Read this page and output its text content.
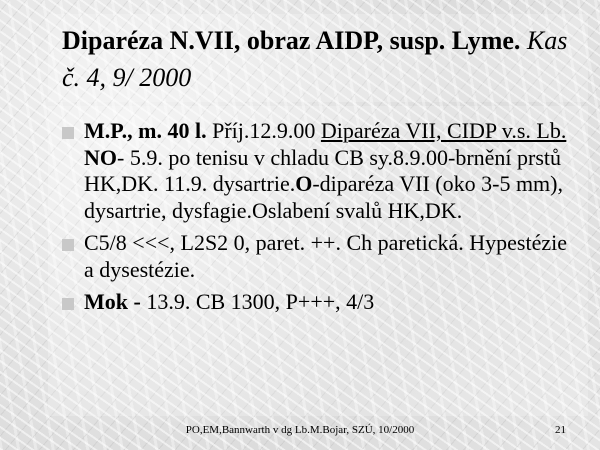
Diparéza N.VII, obraz AIDP, susp. Lyme. Kas č. 4, 9/ 2000
M.P., m. 40 l. Příj.12.9.00 Diparéza VII, CIDP v.s. Lb. NO- 5.9. po tenisu v chladu CB sy.8.9.00-brnění prstů HK,DK. 11.9. dysartrie.O-diparéza VII (oko 3-5 mm), dysartrie, dysfagie.Oslabení svalů HK,DK.
C5/8 <<<, L2S2 0, paret. ++. Ch paretická. Hypestézie a dysestézie.
Mok - 13.9. CB 1300, P+++, 4/3
PO,EM,Bannwarth v dg Lb.M.Bojar, SZÚ, 10/2000	21
